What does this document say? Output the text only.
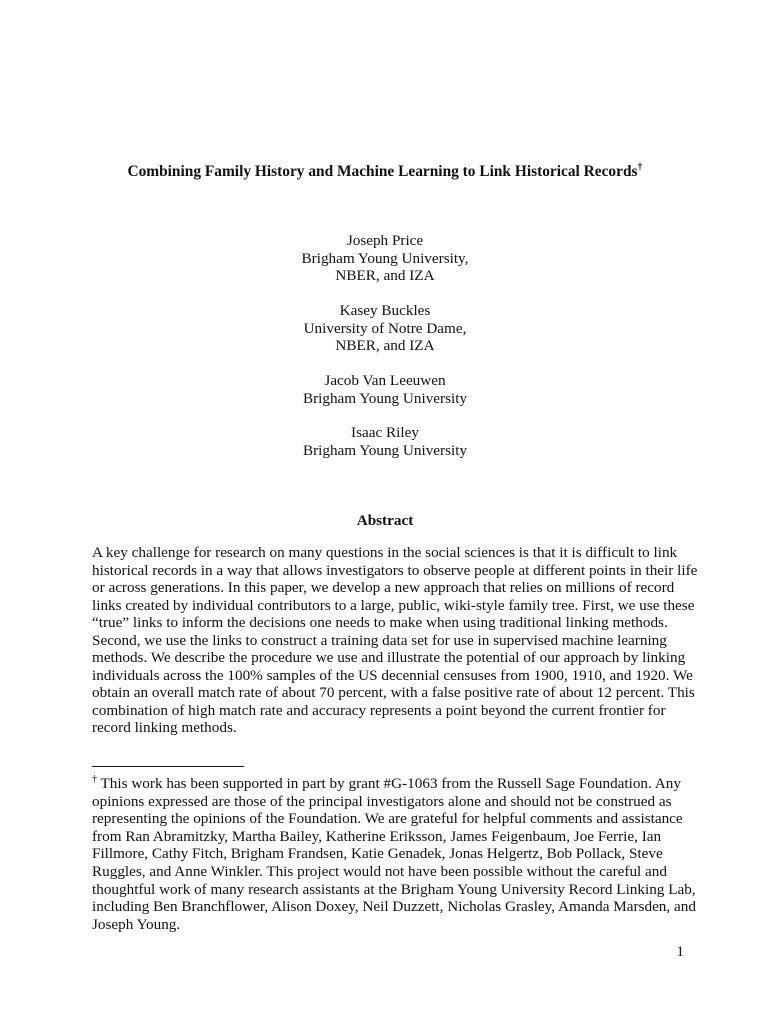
Combining Family History and Machine Learning to Link Historical Records†
Joseph Price
Brigham Young University,
NBER, and IZA
Kasey Buckles
University of Notre Dame,
NBER, and IZA
Jacob Van Leeuwen
Brigham Young University
Isaac Riley
Brigham Young University
Abstract
A key challenge for research on many questions in the social sciences is that it is difficult to link
historical records in a way that allows investigators to observe people at different points in their life
or across generations. In this paper, we develop a new approach that relies on millions of record
links created by individual contributors to a large, public, wiki-style family tree. First, we use these
“true” links to inform the decisions one needs to make when using traditional linking methods.
Second, we use the links to construct a training data set for use in supervised machine learning
methods. We describe the procedure we use and illustrate the potential of our approach by linking
individuals across the 100% samples of the US decennial censuses from 1900, 1910, and 1920. We
obtain an overall match rate of about 70 percent, with a false positive rate of about 12 percent. This
combination of high match rate and accuracy represents a point beyond the current frontier for
record linking methods.
† This work has been supported in part by grant #G-1063 from the Russell Sage Foundation. Any
opinions expressed are those of the principal investigators alone and should not be construed as
representing the opinions of the Foundation. We are grateful for helpful comments and assistance
from Ran Abramitzky, Martha Bailey, Katherine Eriksson, James Feigenbaum, Joe Ferrie, Ian
Fillmore, Cathy Fitch, Brigham Frandsen, Katie Genadek, Jonas Helgertz, Bob Pollack, Steve
Ruggles, and Anne Winkler. This project would not have been possible without the careful and
thoughtful work of many research assistants at the Brigham Young University Record Linking Lab,
including Ben Branchflower, Alison Doxey, Neil Duzzett, Nicholas Grasley, Amanda Marsden, and
Joseph Young.
1
